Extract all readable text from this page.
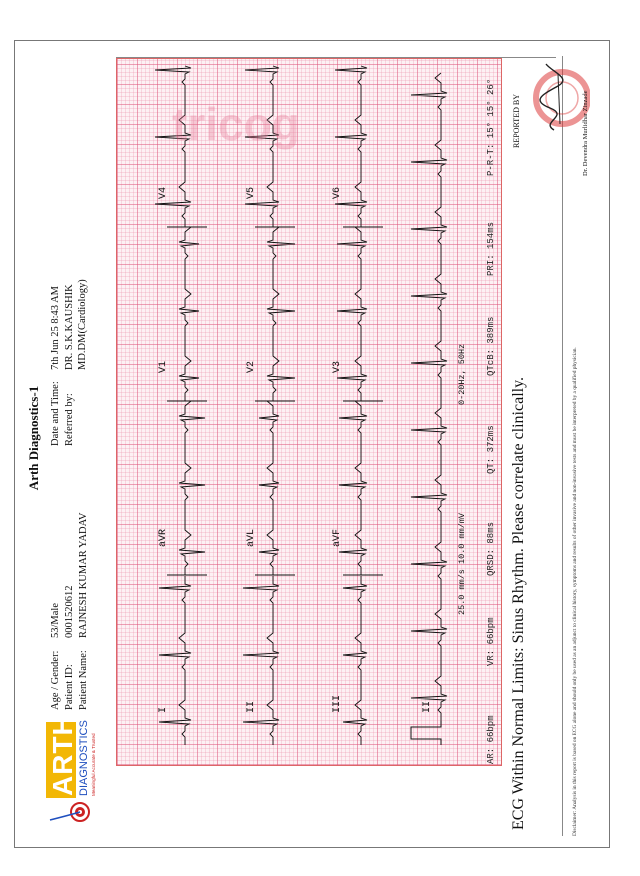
Arth Diagnostics-1
ARTH DIAGNOSTICS Meaningful Accurate & Trusted
Age / Gender:
53/Male
Patient ID:
0001520612
Patient Name:
RAJNESH KUMAR YADAV
Date and Time:
7th Jun 25 8:43 AM
Referred by:
DR. S.K.KAUSHIK MD.DM(Cardiology)
I
aVR
V1
V4
II
aVL
V2
V5
III
aVF
V3
V6
II
25.0 mm/s 10.0 mm/mV
0-20Hz, 50Hz
tricog
AR: 66bpm
VR: 66bpm
QRSD: 88ms
QT: 372ms
QTcB: 389ms
PRI: 154ms
P-R-T: 15° 15° 26°
ECG Within Normal Limits: Sinus Rhythm. Please correlate clinically.	Disclaimer: Analysis in this report is based on ECG alone and should only be used as an adjunct to clinical history, symptoms and results of other invasive and non-invasive tests and must be interpreted by a qualified physician.
REPORTED BY	Dr. Devendra Murlidhar Zinzade
